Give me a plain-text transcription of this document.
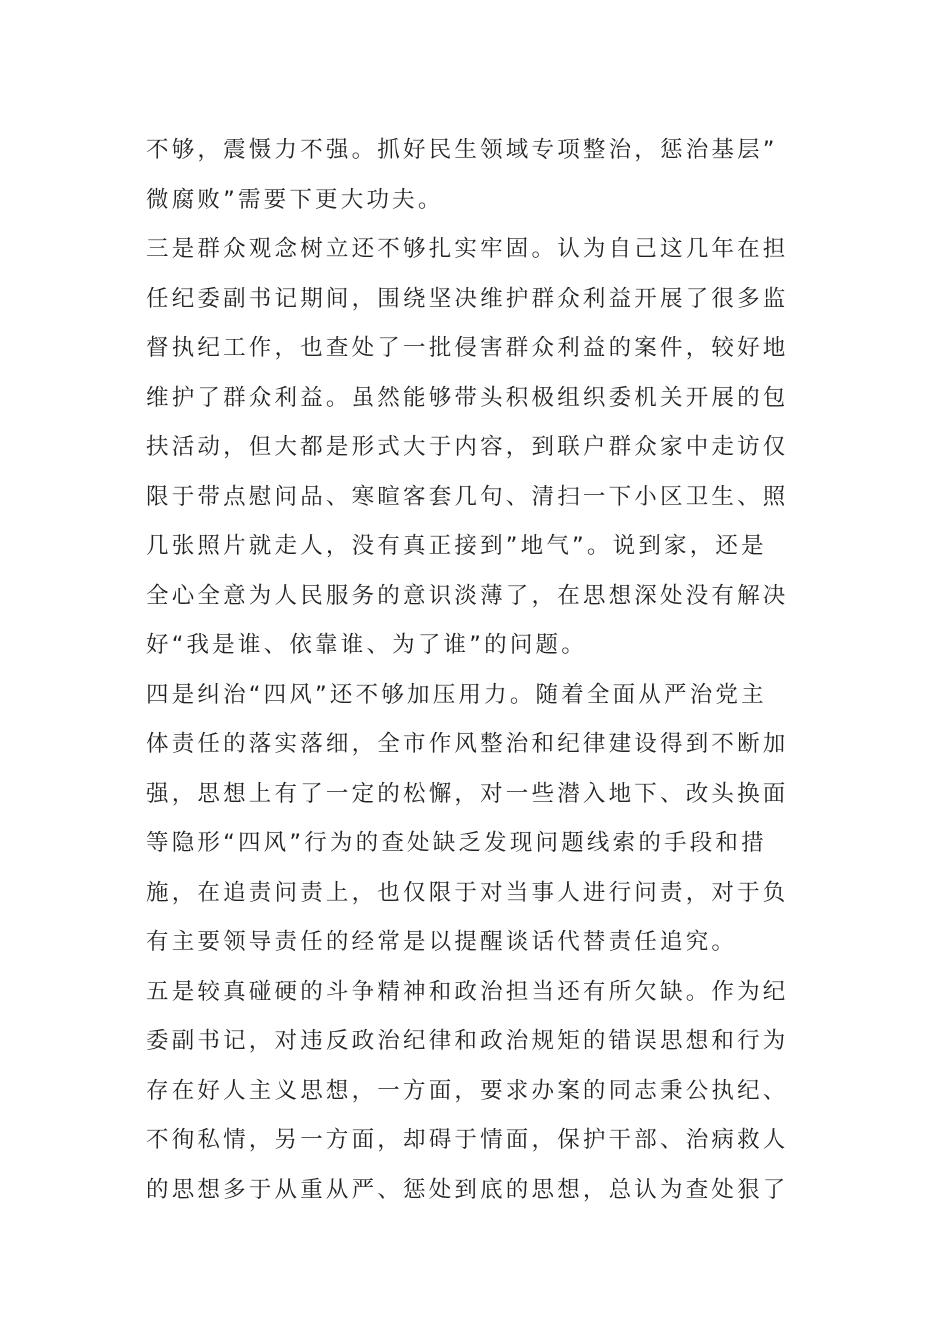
不够，震慑力不强。抓好民生领域专项整治，惩治基层”
微腐败”需要下更大功夫。
三是群众观念树立还不够扎实牢固。认为自己这几年在担
任纪委副书记期间，围绕坚决维护群众利益开展了很多监
督执纪工作，也查处了一批侵害群众利益的案件，较好地
维护了群众利益。虽然能够带头积极组织委机关开展的包
扶活动，但大都是形式大于内容，到联户群众家中走访仅
限于带点慰问品、寒暄客套几句、清扫一下小区卫生、照
几张照片就走人，没有真正接到”地气”。说到家，还是
全心全意为人民服务的意识淡薄了，在思想深处没有解决
好“我是谁、依靠谁、为了谁”的问题。
四是纠治“四风”还不够加压用力。随着全面从严治党主
体责任的落实落细，全市作风整治和纪律建设得到不断加
强，思想上有了一定的松懈，对一些潜入地下、改头换面
等隐形“四风”行为的查处缺乏发现问题线索的手段和措
施，在追责问责上，也仅限于对当事人进行问责，对于负
有主要领导责任的经常是以提醒谈话代替责任追究。
五是较真碰硬的斗争精神和政治担当还有所欠缺。作为纪
委副书记，对违反政治纪律和政治规矩的错误思想和行为
存在好人主义思想，一方面，要求办案的同志秉公执纪、
不徇私情，另一方面，却碍于情面，保护干部、治病救人
的思想多于从重从严、惩处到底的思想，总认为查处狠了
